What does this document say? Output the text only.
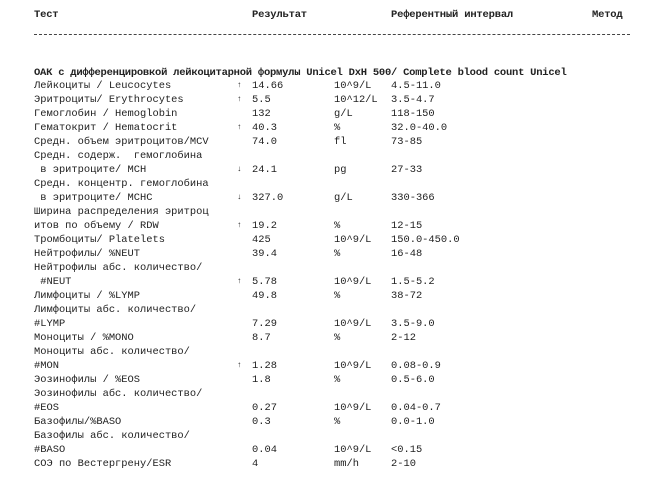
Тест	Результат	Референтный интервал	Метод
ОАК с дифференцировкой лейкоцитарной формулы Unicel DxH 500/ Complete blood count Unicel
Лейкоциты / Leucocytes	↑ 14.66	10^9/L 4.5-11.0
Эритроциты/ Erythrocytes	↑ 5.5	10^12/L 3.5-4.7
Гемоглобин / Hemoglobin	132	g/L	118-150
Гематокрит / Hematocrit	↑ 40.3	%	32.0-40.0
Средн. объем эритроцитов/MCV	74.0	fl	73-85
Средн. содерж.  гемоглобина
в эритроците/ MCH	↓ 24.1	pg	27-33
Средн. концентр. гемоглобина
в эритроците/ MCHC	↓ 327.0	g/L	330-366
Ширина распределения эритроц
итов по объему / RDW	↑ 19.2	%	12-15
Тромбоциты/ Platelets	425	10^9/L 150.0-450.0
Нейтрофилы/ %NEUT	39.4	%	16-48
Нейтрофилы абс. количество/
#NEUT	↑ 5.78	10^9/L 1.5-5.2
Лимфоциты / %LYMP	49.8	%	38-72
Лимфоциты абс. количество/
#LYMP	7.29	10^9/L 3.5-9.0
Моноциты / %MONO	8.7	%	2-12
Моноциты абс. количество/
#MON	↑ 1.28	10^9/L 0.08-0.9
Эозинофилы / %EOS	1.8	%	0.5-6.0
Эозинофилы абс. количество/
#EOS	0.27	10^9/L 0.04-0.7
Базофилы/%BASO	0.3	%	0.0-1.0
Базофилы абс. количество/
#BASO	0.04	10^9/L <0.15
СОЭ по Вестергрену/ESR	4	mm/h	2-10
